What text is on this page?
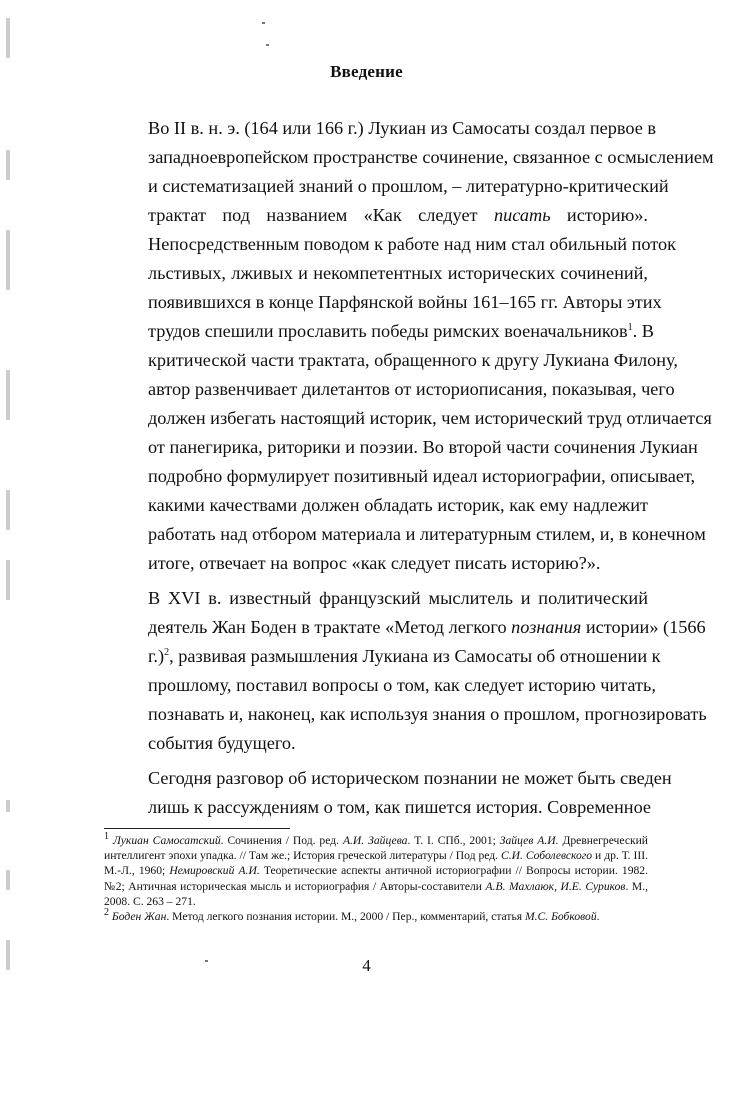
Введение

Во II в. н. э. (164 или 166 г.) Лукиан из Самосаты создал первое в
западноевропейском пространстве сочинение, связанное с осмыслением
и систематизацией знаний о прошлом, – литературно-критический
трактат под названием «Как следует писать историю».
Непосредственным поводом к работе над ним стал обильный поток
льстивых, лживых и некомпетентных исторических сочинений,
появившихся в конце Парфянской войны 161–165 гг. Авторы этих
трудов спешили прославить победы римских военачальников$^1$. В
критической части трактата, обращенного к другу Лукиана Филону,
автор развенчивает дилетантов от историописания, показывая, чего
должен избегать настоящий историк, чем исторический труд отличается
от панегирика, риторики и поэзии. Во второй части сочинения Лукиан
подробно формулирует позитивный идеал историографии, описывает,
какими качествами должен обладать историк, как ему надлежит
работать над отбором материала и литературным стилем, и, в конечном
итоге, отвечает на вопрос «как следует писать историю?».

В XVI в. известный французский мыслитель и политический
деятель Жан Боден в трактате «Метод легкого познания истории» (1566
г.)$^2$, развивая размышления Лукиана из Самосаты об отношении к
прошлому, поставил вопросы о том, как следует историю читать,
познавать и, наконец, как используя знания о прошлом, прогнозировать
события будущего.

Сегодня разговор об историческом познании не может быть сведен
лишь к рассуждениям о том, как пишется история. Современное

$^1$ Лукиан Самосатский. Сочинения / Под. ред. А.И. Зайцева. Т. I. СПб., 2001; Зайцев А.И. Древнегреческий интеллигент эпохи упадка. // Там же.; История греческой литературы / Под ред. С.И. Соболевского и др. Т. III. М.-Л., 1960; Немировский А.И. Теоретические аспекты античной историографии // Вопросы истории. 1982. №2; Античная историческая мысль и историография / Авторы-составители А.В. Махлаюк, И.Е. Суриков. М., 2008. С. 263 – 271.

$^2$ Боден Жан. Метод легкого познания истории. М., 2000 / Пер., комментарий, статья М.С. Бобковой.

4
